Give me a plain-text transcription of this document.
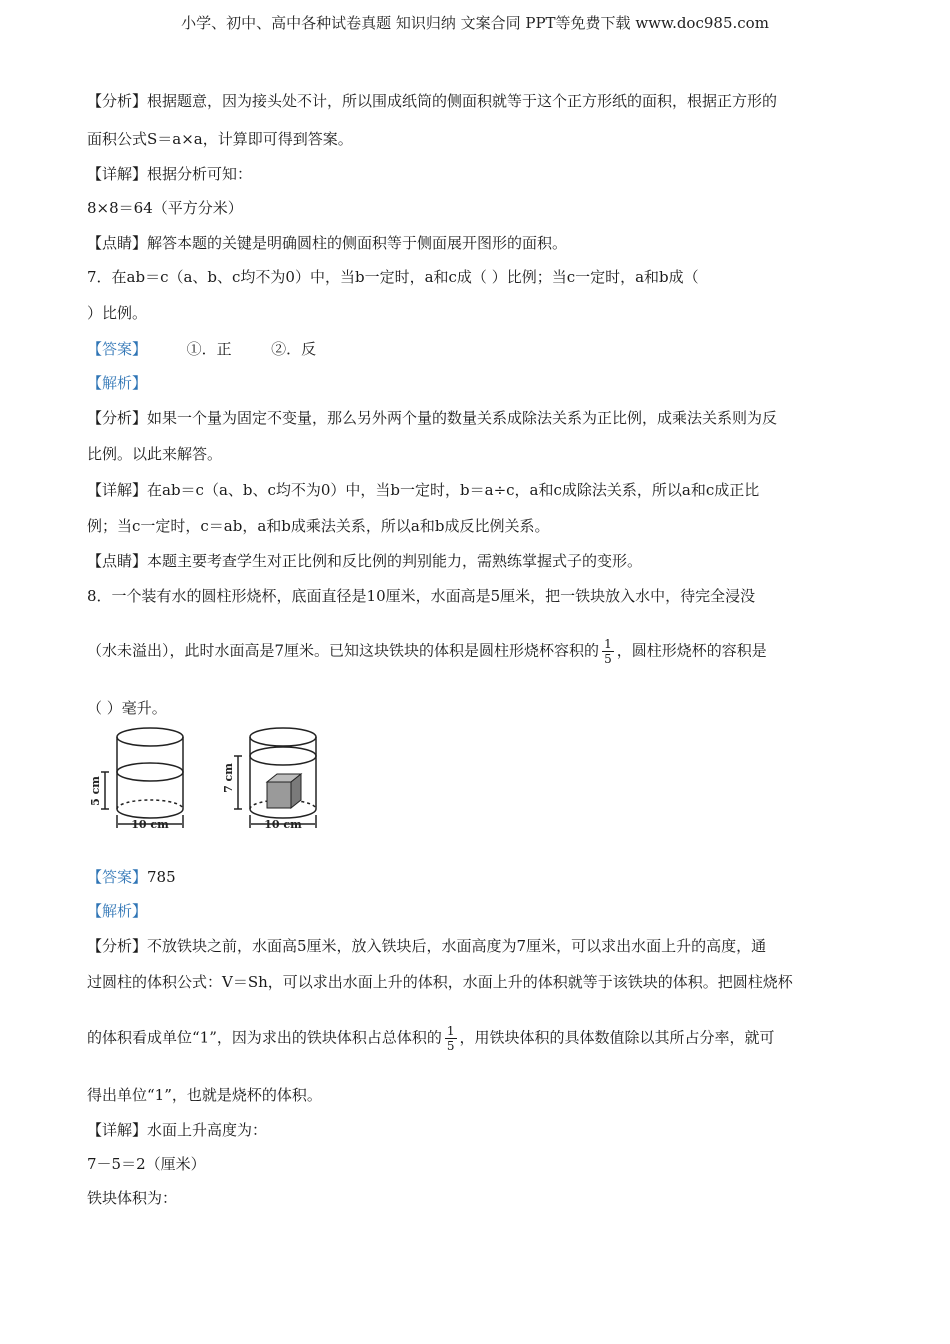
小学、初中、高中各种试卷真题 知识归纳 文案合同 PPT等免费下载 www.doc985.com
【分析】根据题意，因为接头处不计，所以围成纸筒的侧面积就等于这个正方形纸的面积，根据正方形的
面积公式S＝a×a，计算即可得到答案。
【详解】根据分析可知：
8×8＝64（平方分米）
【点睛】解答本题的关键是明确圆柱的侧面积等于侧面展开图形的面积。
7．在ab＝c（a、b、c均不为0）中，当b一定时，a和c成（ ）比例；当c一定时，a和b成（
）比例。
【答案】	①．正	②．反
【解析】
【分析】如果一个量为固定不变量，那么另外两个量的数量关系成除法关系为正比例，成乘法关系则为反
比例。以此来解答。
【详解】在ab＝c（a、b、c均不为0）中，当b一定时，b＝a÷c，a和c成除法关系，所以a和c成正比
例；当c一定时，c＝ab，a和b成乘法关系，所以a和b成反比例关系。
【点睛】本题主要考查学生对正比例和反比例的判别能力，需熟练掌握式子的变形。
8．一个装有水的圆柱形烧杯，底面直径是10厘米，水面高是5厘米，把一铁块放入水中，待完全浸没
（水未溢出），此时水面高是7厘米。已知这块铁块的体积是圆柱形烧杯容积的 $\frac{1}{5}$ ，圆柱形烧杯的容积是
（ ）毫升。
5 cm
10 cm
7 cm
10 cm
【答案】785
【解析】
【分析】不放铁块之前，水面高5厘米，放入铁块后，水面高度为7厘米，可以求出水面上升的高度，通
过圆柱的体积公式：V＝Sh，可以求出水面上升的体积，水面上升的体积就等于该铁块的体积。把圆柱烧杯
的体积看成单位“1”，因为求出的铁块体积占总体积的 $\frac{1}{5}$ ，用铁块体积的具体数值除以其所占分率，就可
得出单位“1”，也就是烧杯的体积。
【详解】水面上升高度为：
7－5＝2（厘米）
铁块体积为：
